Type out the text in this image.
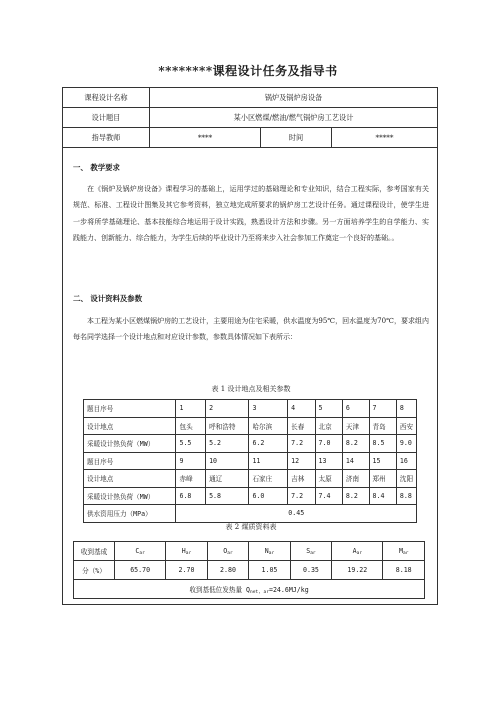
********课程设计任务及指导书
课程设计名称	锅炉及锅炉房设备		
设计题目	某小区燃煤/燃油/燃气锅炉房工艺设计		
指导教师	****	时间	*****
一、 教学要求

在《锅炉及锅炉房设备》课程学习的基础上，运用学过的基础理论和专业知识，结合工程实际，参考国家有关规范、标准、工程设计图集及其它参考资料，独立地完成所要求的锅炉房工艺设计任务。通过课程设计，使学生进一步将所学基础理论、基本技能综合地运用于设计实践，熟悉设计方法和步骤。另一方面培养学生的自学能力、实践能力、创新能力、综合能力，为学生后续的毕业设计乃至将来步入社会参加工作奠定一个良好的基础。。

二、 设计资料及参数

本工程为某小区燃煤锅炉房的工艺设计，主要用途为住宅采暖，供水温度为95℃，回水温度为70℃，要求组内每名同学选择一个设计地点和对应设计参数，参数具体情况如下表所示：

表 1 设计地点及相关参数
题目序号	1	2	3	4	5	6	7	8
设计地点	包头	呼和浩特	哈尔滨	长春	北京	天津	青岛	西安
采暖设计热负荷（MW）	5.5	5.2	6.2	7.2	7.0	8.2	8.5	9.0
题目序号	9	10	11	12	13	14	15	16
设计地点	赤峰	通辽	石家庄	吉林	太原	济南	郑州	沈阳
采暖设计热负荷（MW）	6.8	5.8	6.0	7.2	7.4	8.2	8.4	8.8
供水资用压力（MPa）	0.45							
表 2 煤质资料表
收到基成	$C_{ar}$	$H_{ar}$	$O_{ar}$	$N_{ar}$	$S_{ar}$	$A_{ar}$	$M_{ar}$
分（%）	65.70	2.70	2.80	1.05	0.35	19.22	8.18
收到基低位发热量 $Q_{net, ar}=24.6MJ/kg$							
